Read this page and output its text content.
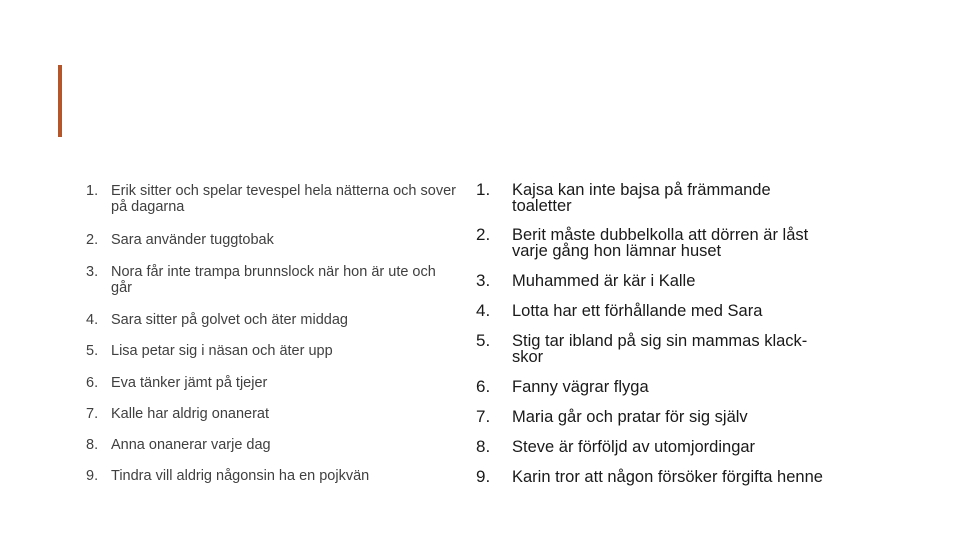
1. Erik sitter och spelar tevespel hela nätterna och sover på dagarna
2. Sara använder tuggtobak
3. Nora får inte trampa brunnslock när hon är ute och går
4. Sara sitter på golvet och äter middag
5. Lisa petar sig i näsan och äter upp
6. Eva tänker jämt på tjejer
7. Kalle har aldrig onanerat
8. Anna onanerar varje dag
9. Tindra vill aldrig någonsin ha en pojkvän
1.	Kajsa kan inte bajsa på främmande toaletter
2.	Berit måste dubbelkolla att dörren är låst varje gång hon lämnar huset
3.	Muhammed är kär i Kalle
4.	Lotta har ett förhållande med Sara
5.	Stig tar ibland på sig sin mammas klack-skor
6.	Fanny vägrar flyga
7.	Maria går och pratar för sig själv
8.	Steve är förföljd av utomjordingar
9.	Karin tror att någon försöker förgifta henne
